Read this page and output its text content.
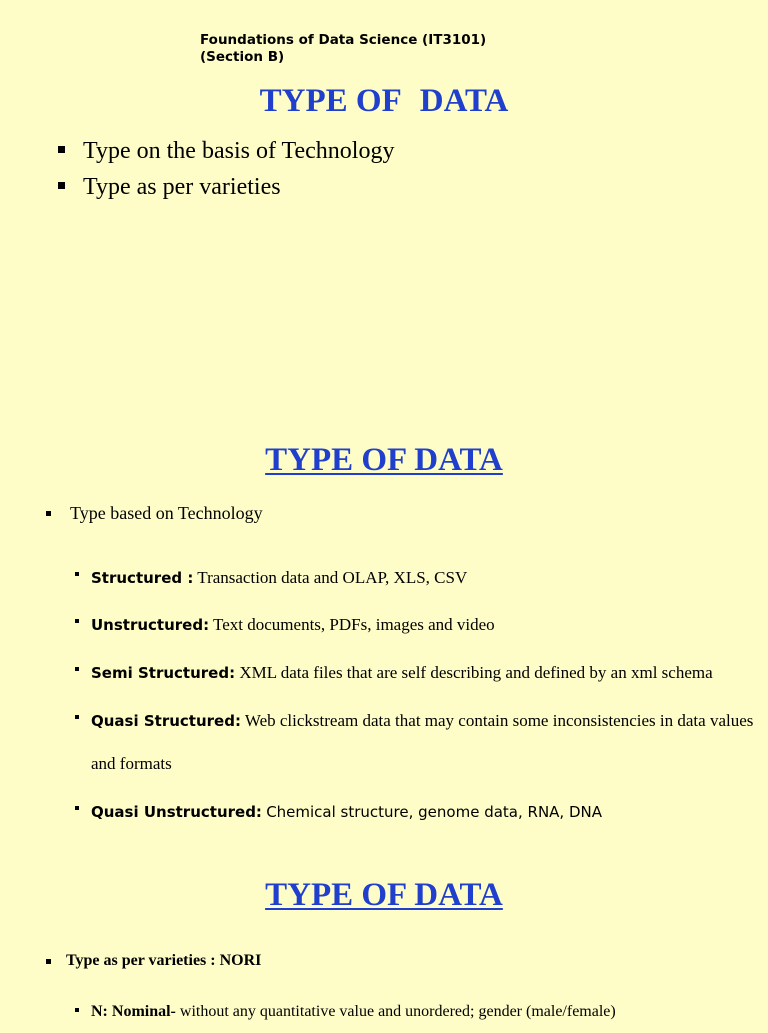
Foundations of Data Science (IT3101)
(Section B)
TYPE OF DATA
Type on the basis of Technology
Type as per varieties
TYPE OF DATA
Type based on Technology
Structured : Transaction data and OLAP, XLS, CSV
Unstructured: Text documents, PDFs, images and video
Semi Structured: XML data files that are self describing and defined by an xml schema
Quasi Structured: Web clickstream data that may contain some inconsistencies in data values
and formats
Quasi Unstructured: Chemical structure, genome data, RNA, DNA
TYPE OF DATA
Type as per varieties : NORI
N: Nominal- without any quantitative value and unordered; gender (male/female)
